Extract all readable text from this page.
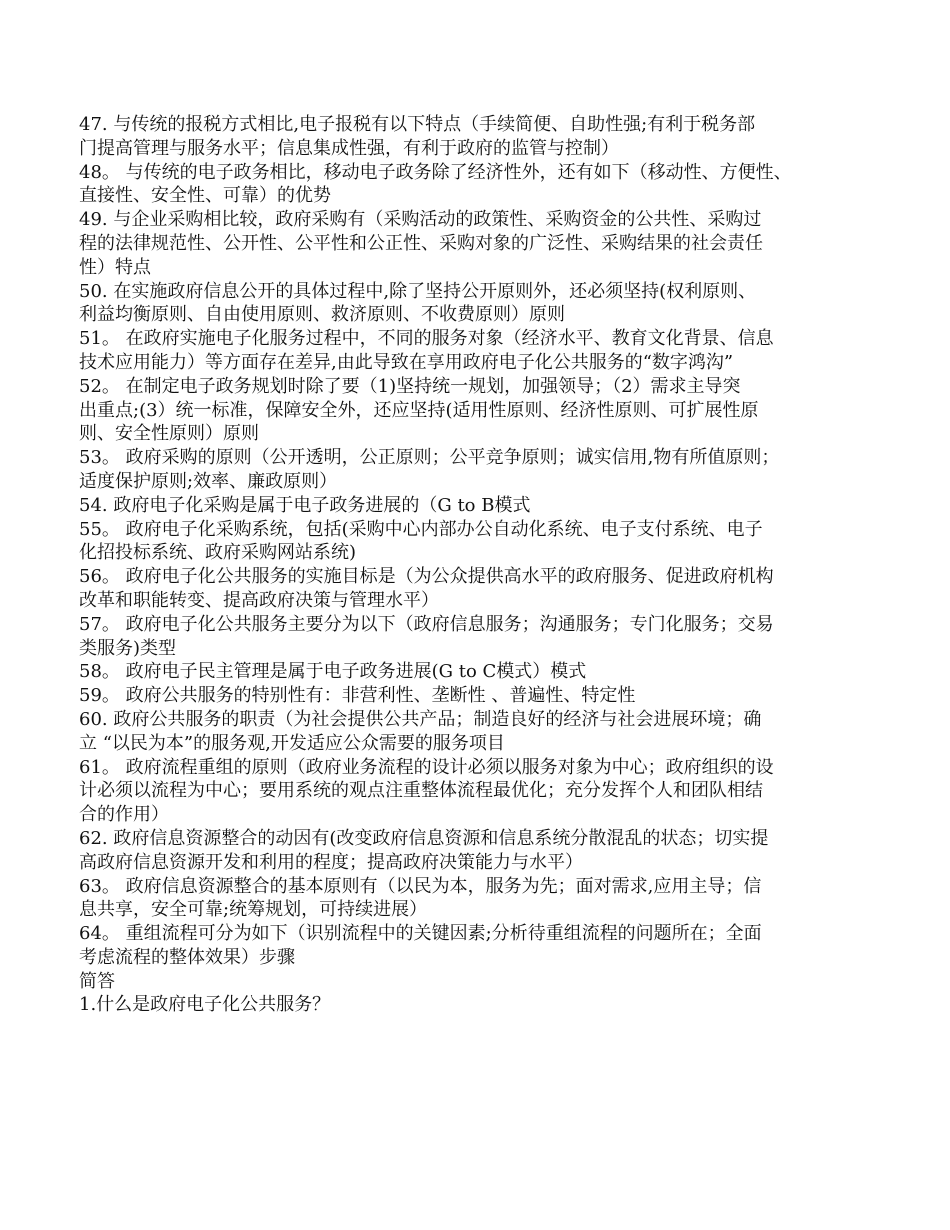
47. 与传统的报税方式相比,电子报税有以下特点（手续简便、自助性强;有利于税务部
门提高管理与服务水平；信息集成性强，有利于政府的监管与控制）
48。 与传统的电子政务相比，移动电子政务除了经济性外，还有如下（移动性、方便性、
直接性、安全性、可靠）的优势
49. 与企业采购相比较，政府采购有（采购活动的政策性、采购资金的公共性、采购过
程的法律规范性、公开性、公平性和公正性、采购对象的广泛性、采购结果的社会责任
性）特点
50. 在实施政府信息公开的具体过程中,除了坚持公开原则外，还必须坚持(权利原则、
利益均衡原则、自由使用原则、救济原则、不收费原则）原则
51。 在政府实施电子化服务过程中，不同的服务对象（经济水平、教育文化背景、信息
技术应用能力）等方面存在差异,由此导致在享用政府电子化公共服务的“数字鸿沟”
52。 在制定电子政务规划时除了要（1)坚持统一规划，加强领导；（2）需求主导突
出重点;(3）统一标准，保障安全外，还应坚持(适用性原则、经济性原则、可扩展性原
则、安全性原则）原则
53。 政府采购的原则（公开透明，公正原则；公平竞争原则；诚实信用,物有所值原则；
适度保护原则;效率、廉政原则）
54. 政府电子化采购是属于电子政务进展的（G to B模式
55。 政府电子化采购系统，包括(采购中心内部办公自动化系统、电子支付系统、电子
化招投标系统、政府采购网站系统)
56。 政府电子化公共服务的实施目标是（为公众提供高水平的政府服务、促进政府机构
改革和职能转变、提高政府决策与管理水平）
57。 政府电子化公共服务主要分为以下（政府信息服务；沟通服务；专门化服务；交易
类服务)类型
58。 政府电子民主管理是属于电子政务进展(G to C模式）模式
59。 政府公共服务的特别性有：非营利性、垄断性 、普遍性、特定性
60. 政府公共服务的职责（为社会提供公共产品；制造良好的经济与社会进展环境；确
立 “以民为本”的服务观,开发适应公众需要的服务项目
61。 政府流程重组的原则（政府业务流程的设计必须以服务对象为中心；政府组织的设
计必须以流程为中心；要用系统的观点注重整体流程最优化；充分发挥个人和团队相结
合的作用）
62. 政府信息资源整合的动因有(改变政府信息资源和信息系统分散混乱的状态；切实提
高政府信息资源开发和利用的程度；提高政府决策能力与水平）
63。 政府信息资源整合的基本原则有（以民为本，服务为先；面对需求,应用主导；信
息共享，安全可靠;统筹规划，可持续进展）
64。 重组流程可分为如下（识别流程中的关键因素;分析待重组流程的问题所在；全面
考虑流程的整体效果）步骤
简答
1.什么是政府电子化公共服务？
